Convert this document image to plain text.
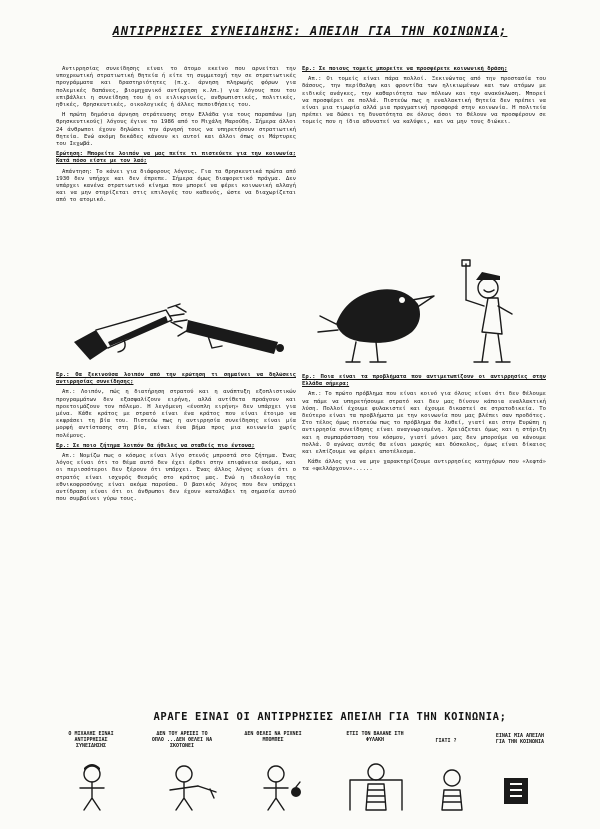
ΑΝΤΙΡΡΗΣΙΕΣ ΣΥΝΕΙΔΗΣΗΣ: ΑΠΕΙΛΗ ΓΙΑ ΤΗΝ ΚΟΙΝΩΝΙΑ;

Αντιρρησίας συνείδησης είναι το άτομο εκείνο που αρνείται την υποχρεωτική στρατιωτική θητεία ή είτε τη συμμετοχή την σε στρατιωτικές προγράμματα και δραστηριότητες (π.χ. άρνηση πληρωμής φόρων για πολεμικές δαπάνες, βιομηχανικό αντίρρηση κ.λπ.) για λόγους που του επιβάλλει η συνείδηση του ή οι ειλικρινείς, ανθρωπιστικές, πολιτικές, ηθικές, θρησκευτικές, οικολογικές ή άλλες πεποιθήσεις του.

Η πρώτη δημόσια άρνηση στράτευσης στην Ελλάδα για τους παραπάνω (μη θρησκευτικούς) λόγους έγινε το 1986 από το Μιχάλη Μαρούδη. Σήμερα άλλοι 24 άνθρωποι έχουν δηλώσει την άρνησή τους να υπηρετήσουν στρατιωτική θητεία. Ενώ ακόμη δεκάδες κάνουν κι αυτοί και άλλοι όπως οι Μάρτυρες του Ιεχωβά.

Ερώτηση: Μπορείτε λοιπόν να μας πείτε τι πιστεύετε για την κοινωνία; Κατά πόσο είστε με τον λαό;

Απάντηση: Το κάνει για διάφορους λόγους. Για τα θρησκευτικά πρώτα από 1930 δεν υπήρχε και δεν έπρεπε. Σήμερα όμως διαφορετικό πράγμα. Δεν υπάρχει κανένα στρατιωτικό κίνημα που μπορεί να φέρει κοινωνική αλλαγή και να μην στηρίζεται στις επιλογές του καθενός, ώστε να διαχωρίζεται από το ατομικό.

Ερ.: Θα ξεκινούσα λοιπόν από την ερώτηση τι σημαίνει να δηλώσεις αντιρρησίας συνείδησης;

Απ.: Λοιπόν, πώς η διατήρηση στρατού και η ανάπτυξη εξοπλιστικών προγραμμάτων δεν εξασφαλίζουν ειρήνη, αλλά αντίθετα προάγουν και προετοιμάζουν τον πόλεμο. Η λεγόμενη «ένοπλη ειρήνη» δεν υπάρχει για μένα. Κάθε κράτος με στρατό είναι ένα κράτος που είναι έτοιμο να εκφράσει τη βία του. Πιστεύω πως η αντιρρησία συνείδησης είναι μία μορφή αντίστασης στη βία, είναι ένα βήμα προς μια κοινωνία χωρίς πολέμους.

Ερ.: Σε ποιο ζήτημα λοιπόν θα ήθελες να σταθείς πιο έντονα;

Απ.: Νομίζω πως ο κόσμος είναι λίγο στενός μπροστά στο ζήτημα. Ένας λόγος είναι ότι το θέμα αυτό δεν έχει έρθει στην επιφάνεια ακόμα, και οι περισσότεροι δεν ξέρουν ότι υπάρχει. Ένας άλλος λόγος είναι ότι ο στρατός είναι ισχυρός θεσμός στο κράτος μας. Ενώ η ιδεολογία της εθνικοφροσύνης είναι ακόμα παρούσα. Ο βασικός λόγος που δεν υπάρχει αντίδραση είναι ότι οι άνθρωποι δεν έχουν καταλάβει τη σημασία αυτού που συμβαίνει γύρω τους.

Ερ.: Σε ποιους τομείς μπορείτε να προσφέρετε κοινωνική δράση;

Απ.: Οι τομείς είναι πάρα πολλοί. Ξεκινώντας από την προστασία του δάσους, την περίθαλψη και φροντίδα των ηλικιωμένων και των ατόμων με ειδικές ανάγκες, την καθαριότητα των πόλεων και την ανακύκλωση. Μπορεί να προσφέρει σε πολλά. Πιστεύω πως η εναλλακτική θητεία δεν πρέπει να είναι μια τιμωρία αλλά μια πραγματική προσφορά στην κοινωνία. Η πολιτεία πρέπει να δώσει τη δυνατότητα σε όλους όσοι το θέλουν να προσφέρουν σε τομείς που η ίδια αδυνατεί να καλύψει, και να μην τους διώκει.

Ερ.: Ποια είναι τα προβλήματα που αντιμετωπίζουν οι αντιρρησίες στην Ελλάδα σήμερα;

Απ.: Το πρώτο πρόβλημα που είναι κοινό για όλους είναι ότι δεν θέλουμε να πάμε να υπηρετήσουμε στρατό και δεν μας δίνουν κάποια εναλλακτική λύση. Πολλοί έχουμε φυλακιστεί και έχουμε δικαστεί σε στρατοδικεία. Το δεύτερο είναι τα προβλήματα με την κοινωνία που μας βλέπει σαν προδότες. Στο τέλος όμως πιστεύω πως το πρόβλημα θα λυθεί, γιατί και στην Ευρώπη η αντιρρησία συνείδησης είναι αναγνωρισμένη. Χρειάζεται όμως και η στήριξη και η συμπαράσταση του κόσμου, γιατί μόνοι μας δεν μπορούμε να κάνουμε πολλά. Ο αγώνας αυτός θα είναι μακρύς και δύσκολος, όμως είναι δίκαιος και ελπίζουμε να φέρει αποτέλεσμα.

Κάθε άλλος για να μην χαρακτηρίζουμε αντιρρησίες κατηγόρων που «λεφτά» τα «φελλάρχουν»......

ΑΡΑΓΕ ΕΙΝΑΙ ΟΙ ΑΝΤΙΡΡΗΣΙΕΣ ΑΠΕΙΛΗ ΓΙΑ ΤΗΝ ΚΟΙΝΩΝΙΑ;
Ο ΜΙΧΑΛΗΣ ΕΙΝΑΙ ΑΝΤΙΡΡΗΣΙΑΣ ΣΥΝΕΙΔΗΣΗΣ
ΔΕΝ ΤΟΥ ΑΡΕΣΕΙ ΤΟ ΟΠΛΟ ...ΔΕΝ ΘΕΛΕΙ ΝΑ ΣΚΟΤΩΝΕΙ
ΔΕΝ ΘΕΛΕΙ ΝΑ ΡΙΧΝΕΙ ΜΠΟΜΠΕΣ
ΕΤΣΙ ΤΟΝ ΒΑΛΑΝΕ ΣΤΗ ΦΥΛΑΚΗ	ΓΙΑΤΙ ?
ΕΙΝΑΙ ΜΙΑ ΑΠΕΙΛΗ ΓΙΑ ΤΗΝ ΚΟΙΝΩΝΙΑ
